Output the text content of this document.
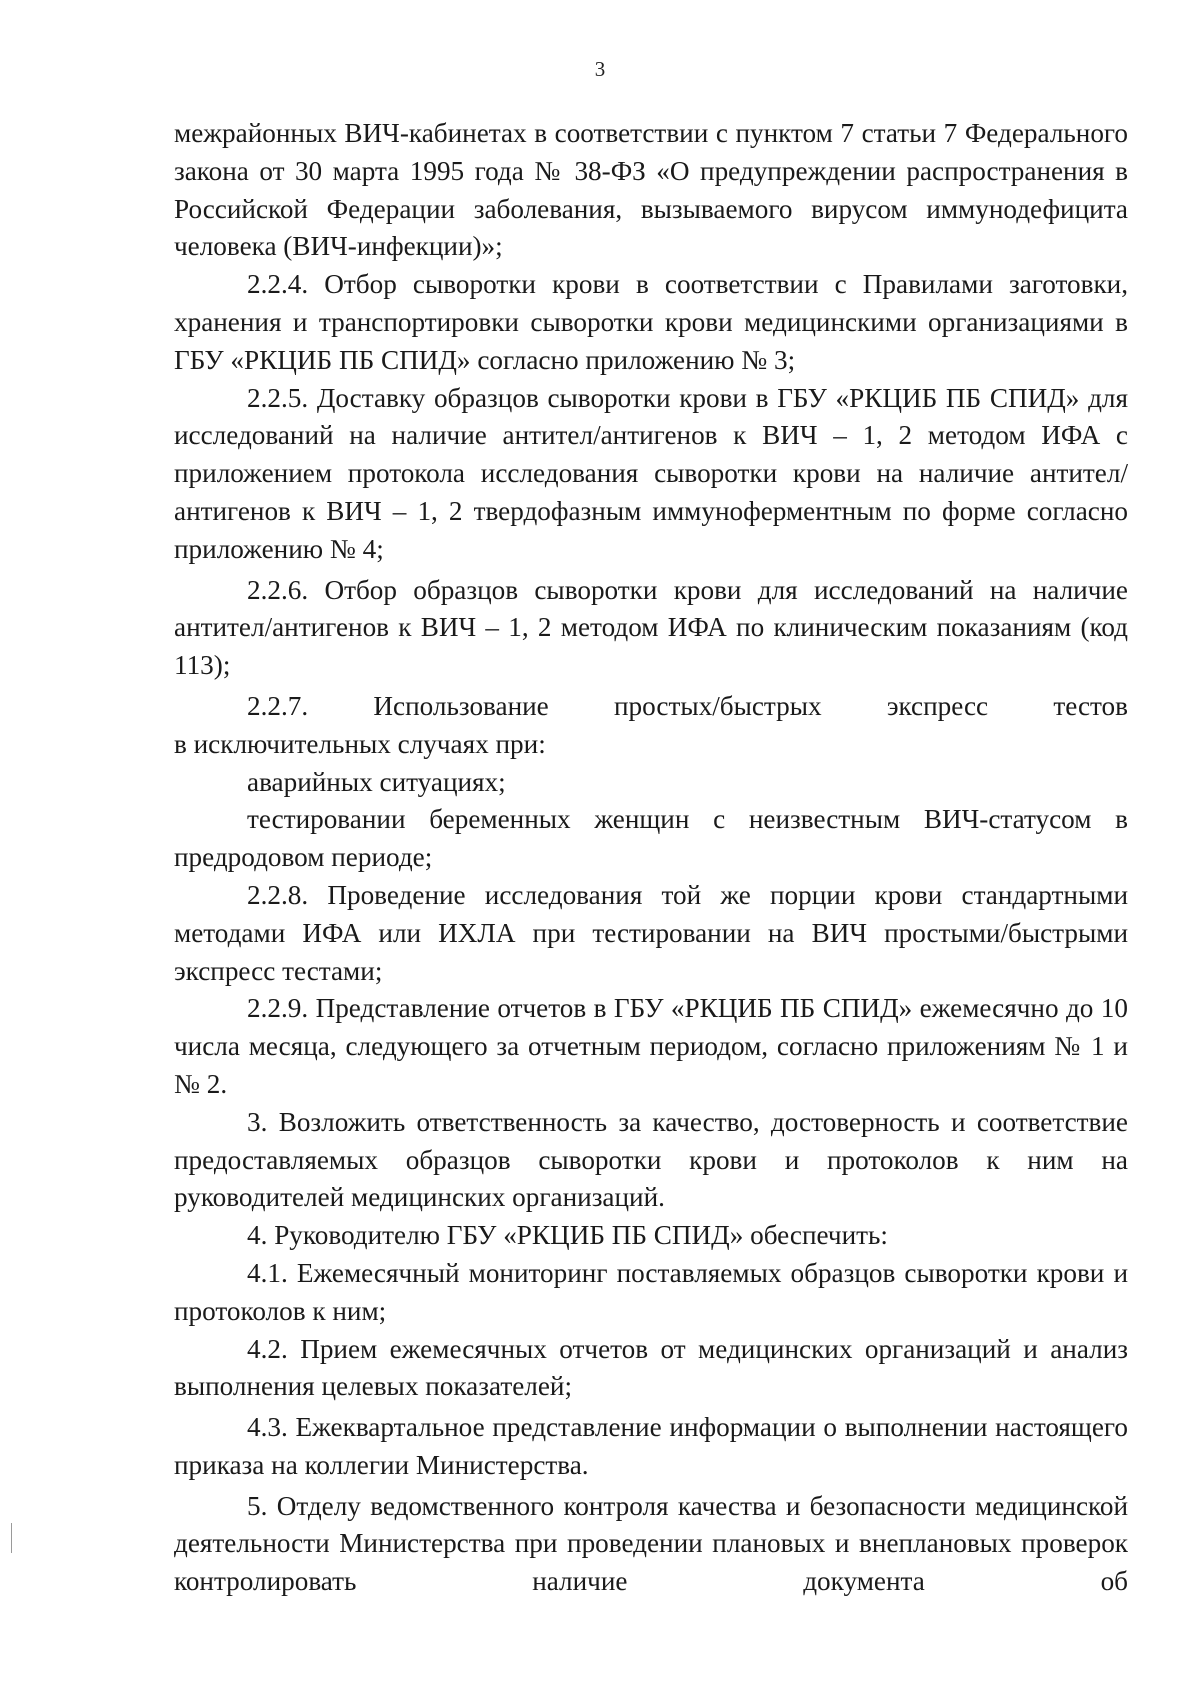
3

межрайонных ВИЧ-кабинетах в соответствии с пунктом 7 статьи 7 Федерального закона от 30 марта 1995 года № 38-ФЗ «О предупреждении распространения в Российской Федерации заболевания, вызываемого вирусом иммунодефицита человека (ВИЧ-инфекции)»;

2.2.4. Отбор сыворотки крови в соответствии с Правилами заготовки, хранения и транспортировки сыворотки крови медицинскими организациями в ГБУ «РКЦИБ ПБ СПИД» согласно приложению № 3;

2.2.5. Доставку образцов сыворотки крови в ГБУ «РКЦИБ ПБ СПИД» для исследований на наличие антител/антигенов к ВИЧ – 1, 2 методом ИФА с приложением протокола исследования сыворотки крови на наличие антител/антигенов к ВИЧ – 1, 2 твердофазным иммуноферментным по форме согласно приложению № 4;

2.2.6. Отбор образцов сыворотки крови для исследований на наличие антител/антигенов к ВИЧ – 1, 2 методом ИФА по клиническим показаниям (код 113);

2.2.7. Использование простых/быстрых экспресс тестов

в исключительных случаях при:

аварийных ситуациях;

тестировании беременных женщин с неизвестным ВИЧ-статусом в предродовом периоде;

2.2.8. Проведение исследования той же порции крови стандартными методами ИФА или ИХЛА при тестировании на ВИЧ простыми/быстрыми экспресс тестами;

2.2.9. Представление отчетов в ГБУ «РКЦИБ ПБ СПИД» ежемесячно до 10 числа месяца, следующего за отчетным периодом, согласно приложениям № 1 и № 2.

3. Возложить ответственность за качество, достоверность и соответствие предоставляемых образцов сыворотки крови и протоколов к ним на руководителей медицинских организаций.

4. Руководителю ГБУ «РКЦИБ ПБ СПИД» обеспечить:

4.1. Ежемесячный мониторинг поставляемых образцов сыворотки крови и протоколов к ним;

4.2. Прием ежемесячных отчетов от медицинских организаций и анализ выполнения целевых показателей;

4.3. Ежеквартальное представление информации о выполнении настоящего приказа на коллегии Министерства.

5. Отделу ведомственного контроля качества и безопасности медицинской деятельности Министерства при проведении плановых и внеплановых проверок контролировать наличие документа об
